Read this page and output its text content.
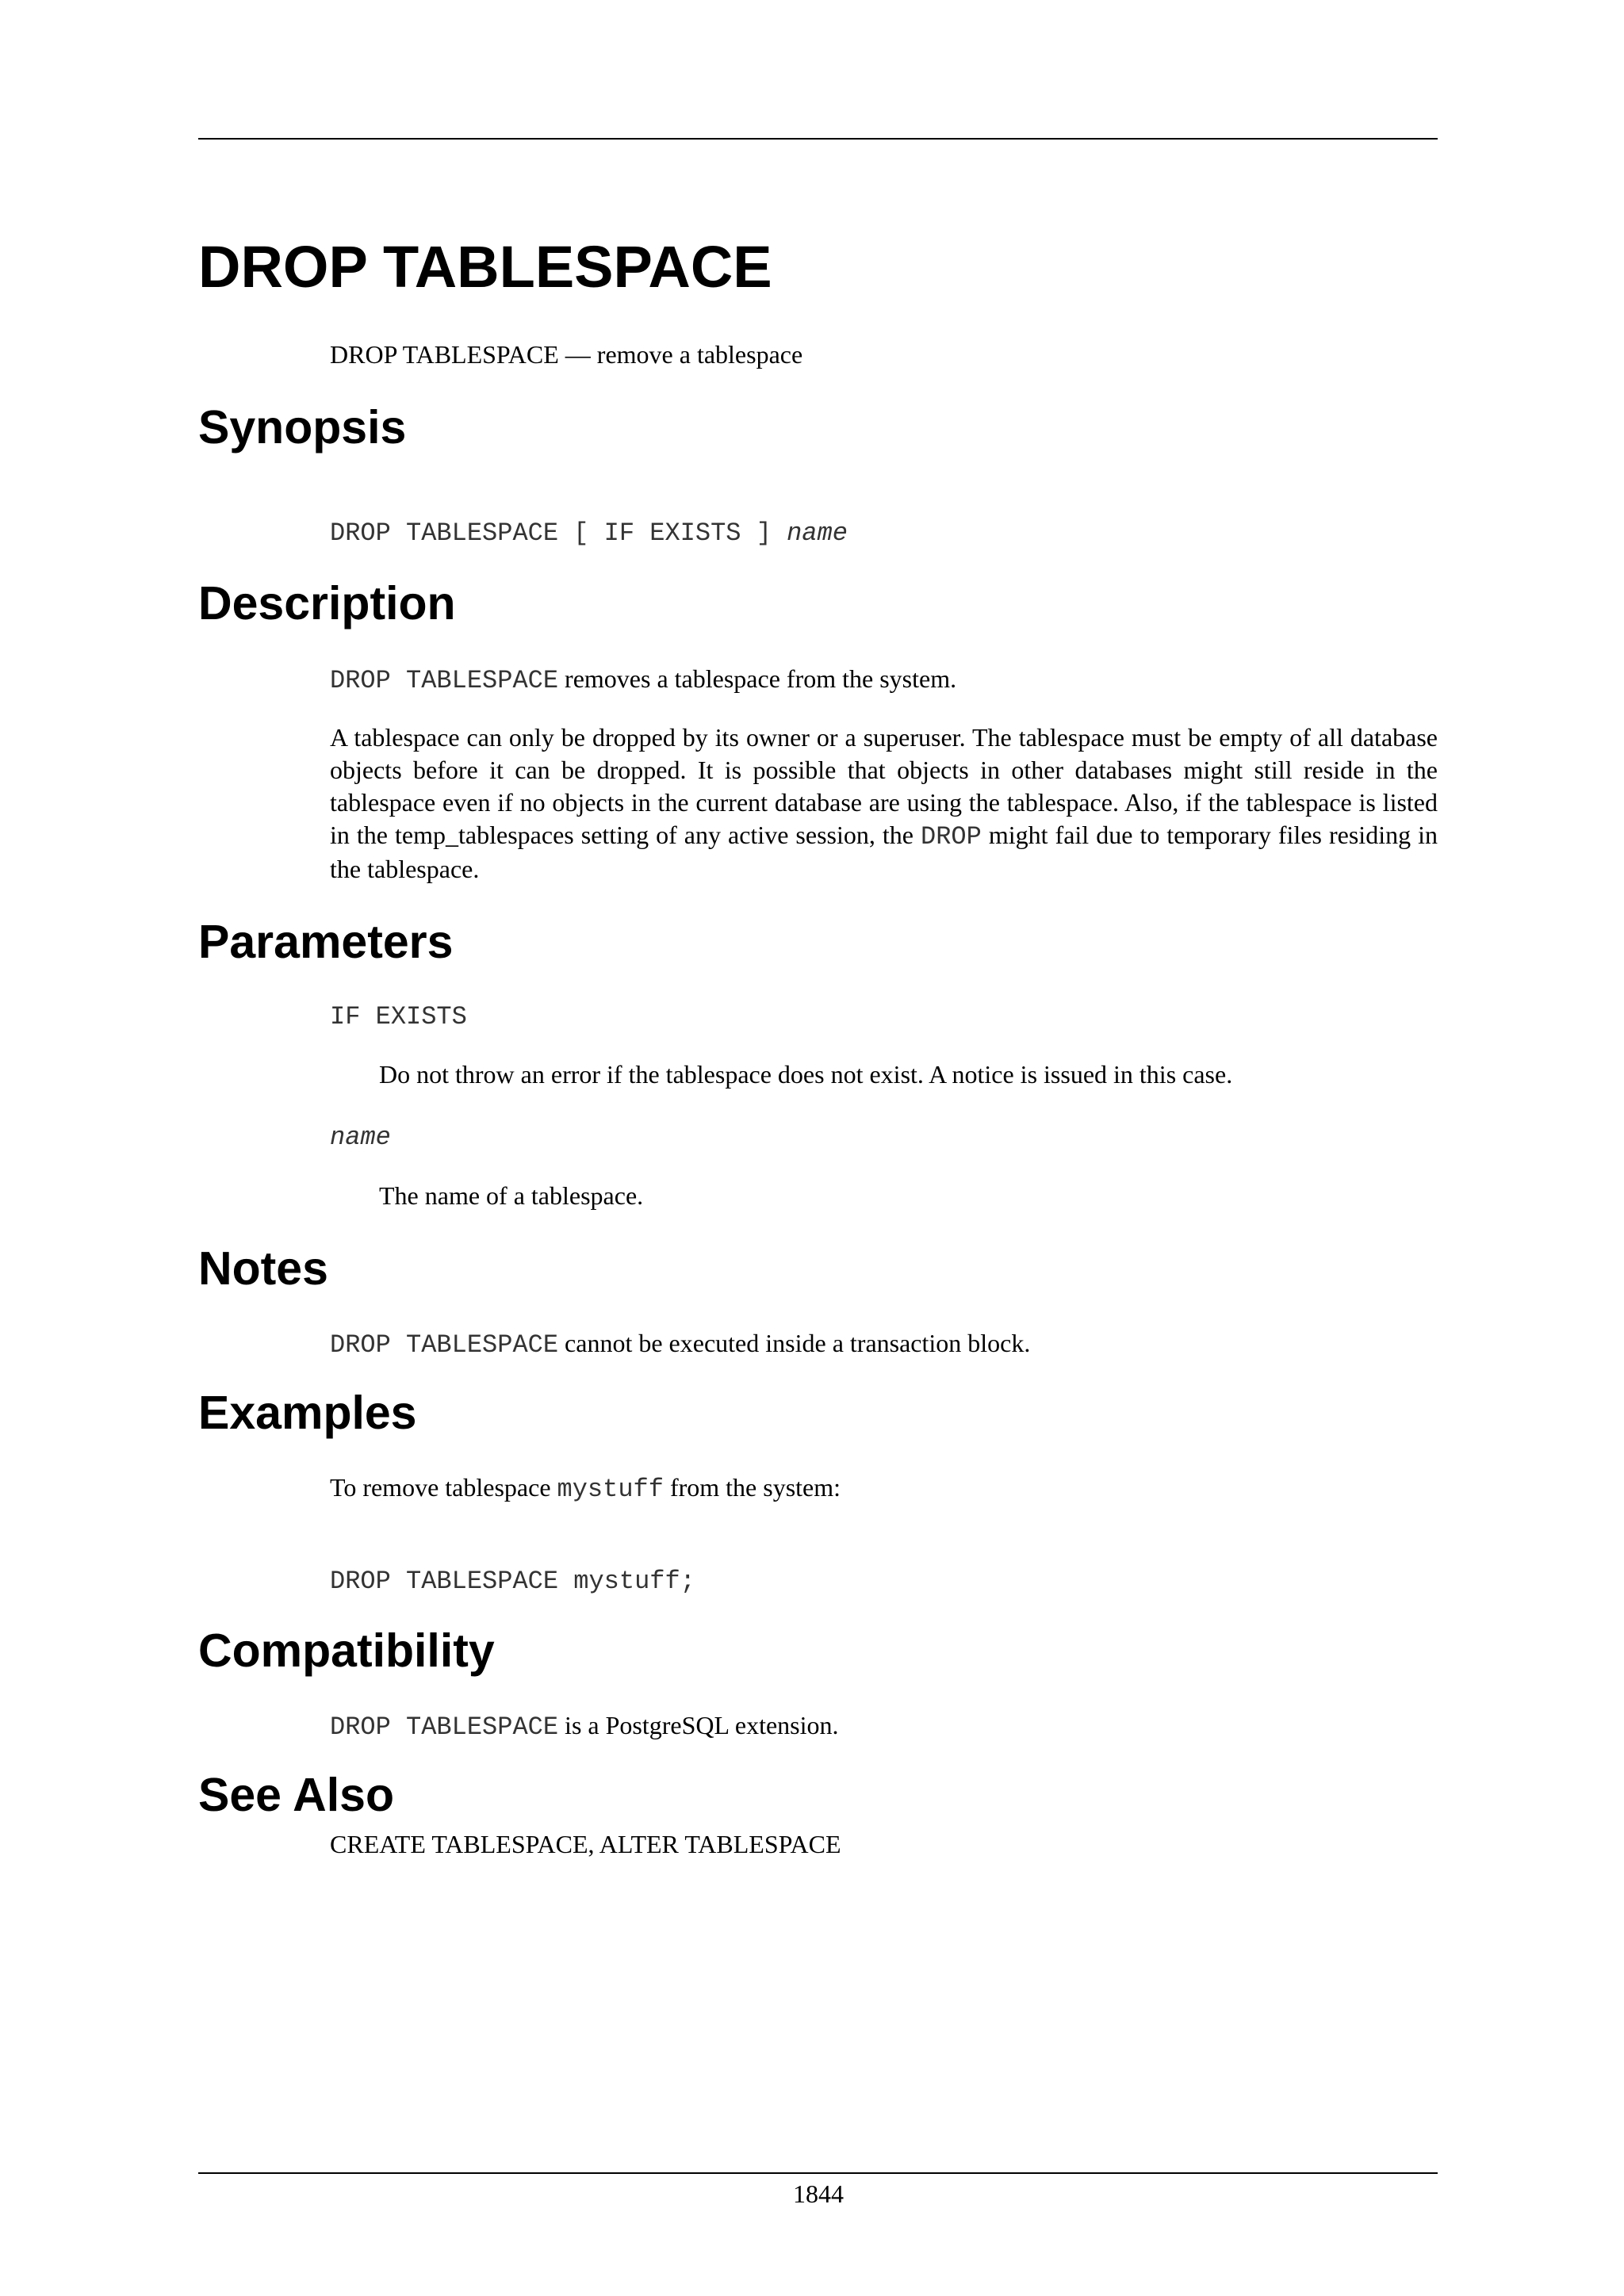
DROP TABLESPACE

DROP TABLESPACE — remove a tablespace

Synopsis

DROP TABLESPACE [ IF EXISTS ] name

Description

DROP TABLESPACE removes a tablespace from the system.

A tablespace can only be dropped by its owner or a superuser. The tablespace must be empty of all database objects before it can be dropped. It is possible that objects in other databases might still reside in the tablespace even if no objects in the current database are using the tablespace. Also, if the tablespace is listed in the temp_tablespaces setting of any active session, the DROP might fail due to temporary files residing in the tablespace.

Parameters

IF EXISTS

Do not throw an error if the tablespace does not exist. A notice is issued in this case.

name

The name of a tablespace.

Notes

DROP TABLESPACE cannot be executed inside a transaction block.

Examples

To remove tablespace mystuff from the system:

DROP TABLESPACE mystuff;

Compatibility

DROP TABLESPACE is a PostgreSQL extension.

See Also

CREATE TABLESPACE, ALTER TABLESPACE

1844
